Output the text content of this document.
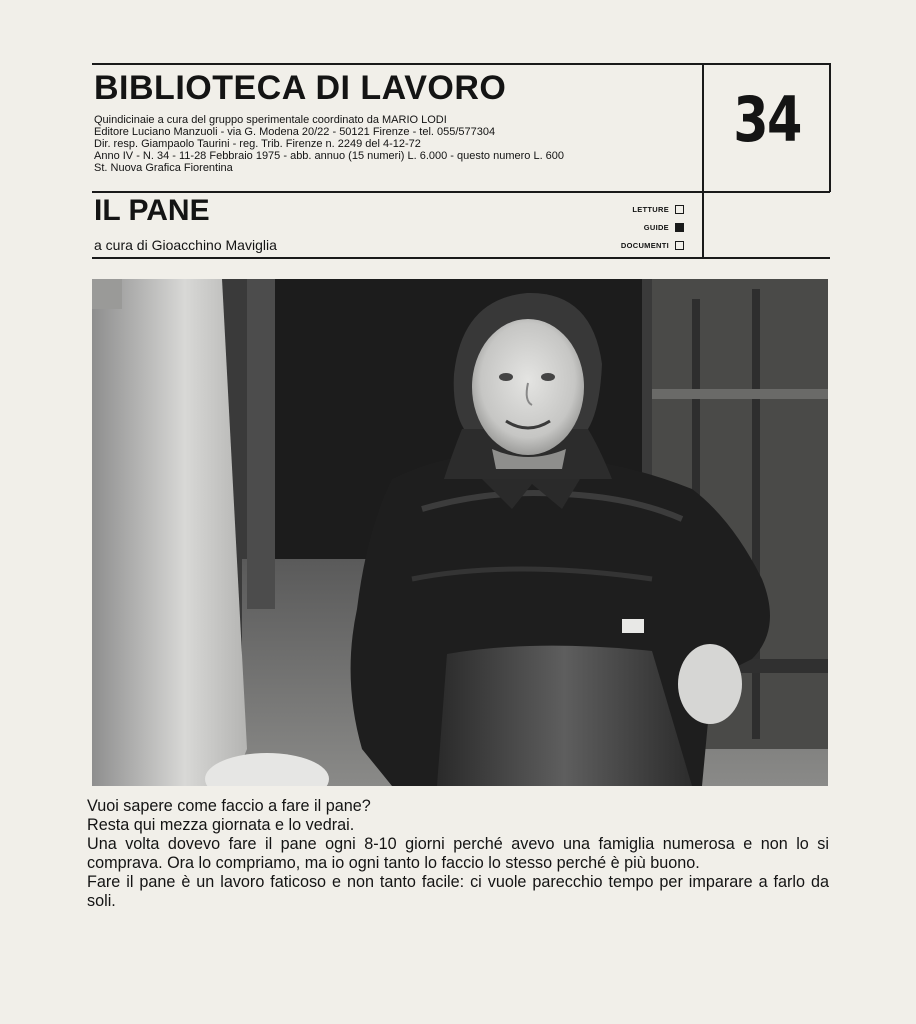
BIBLIOTECA DI LAVORO
Quindicinaie a cura del gruppo sperimentale coordinato da MARIO LODI
Editore Luciano Manzuoli - via G. Modena 20/22 - 50121 Firenze - tel. 055/577304
Dir. resp. Giampaolo Taurini - reg. Trib. Firenze n. 2249 del 4-12-72
Anno IV - N. 34 - 11-28 Febbraio 1975 - abb. annuo (15 numeri) L. 6.000 - questo numero L. 600
St. Nuova Grafica Fiorentina
34
IL PANE
a cura di Gioacchino Maviglia
LETTURE
GUIDE
DOCUMENTI

Vuoi sapere come faccio a fare il pane?

Resta qui mezza giornata e lo vedrai.

Una volta dovevo fare il pane ogni 8-10 giorni perché avevo una famiglia numerosa e non lo si comprava. Ora lo compriamo, ma io ogni tanto lo faccio lo stesso perché è più buono.

Fare il pane è un lavoro faticoso e non tanto facile: ci vuole parecchio tempo per imparare a farlo da soli.
